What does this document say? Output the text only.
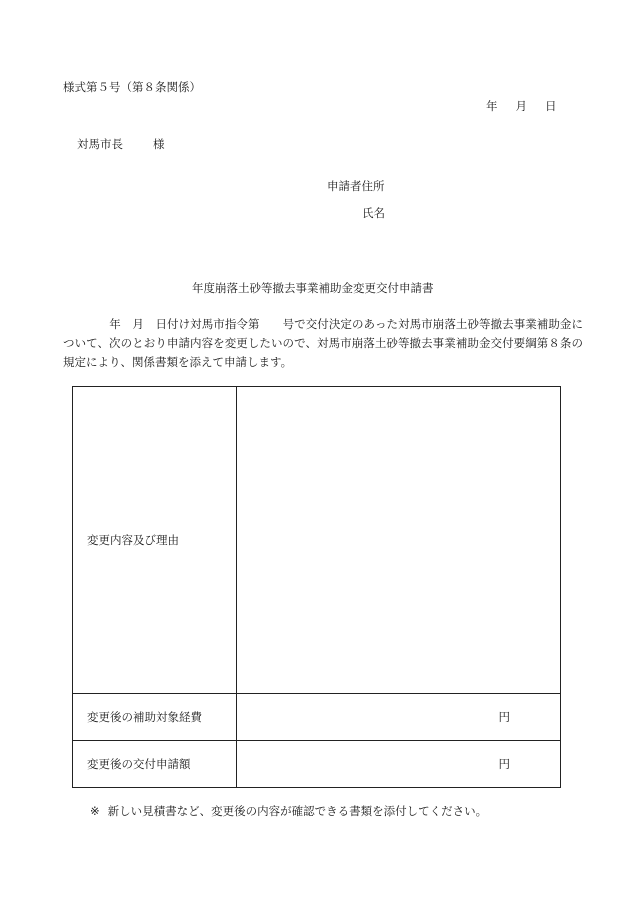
様式第５号（第８条関係）
年 月 日
対馬市長	様
申請者住所
氏名
年度崩落土砂等撤去事業補助金変更交付申請書
　　　　年　月　日付け対馬市指令第　　号で交付決定のあった対馬市崩落土砂等撤去事業補助金について、次のとおり申請内容を変更したいので、対馬市崩落土砂等撤去事業補助金交付要綱第８条の規定により、関係書類を添えて申請します。
変更内容及び理由	
変更後の補助対象経費	円

変更後の交付申請額	円
※ 新しい見積書など、変更後の内容が確認できる書類を添付してください。
